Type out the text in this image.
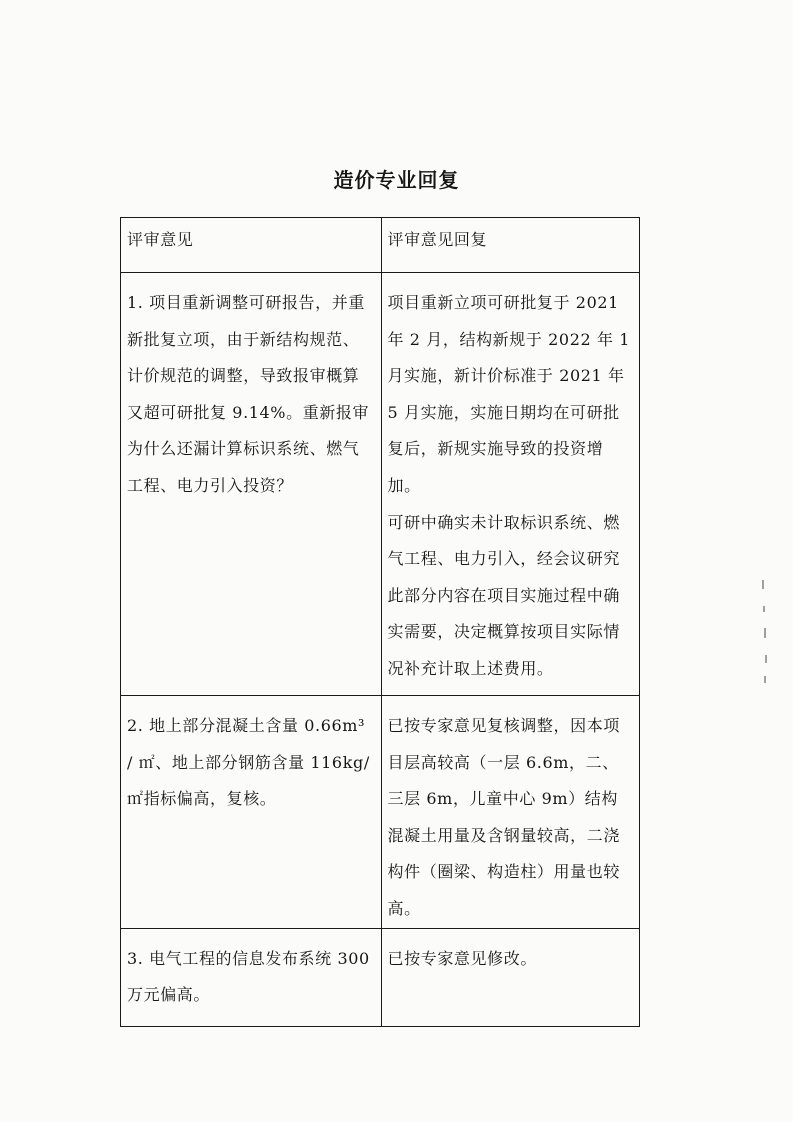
造价专业回复
评审意见	评审意见回复

1. 项目重新调整可研报告，并重新批复立项，由于新结构规范、计价规范的调整，导致报审概算又超可研批复 9.14%。重新报审为什么还漏计算标识系统、燃气工程、电力引入投资？	项目重新立项可研批复于 2021 年 2 月，结构新规于 2022 年 1 月实施，新计价标准于 2021 年 5 月实施，实施日期均在可研批复后，新规实施导致的投资增加。
可研中确实未计取标识系统、燃气工程、电力引入，经会议研究此部分内容在项目实施过程中确实需要，决定概算按项目实际情况补充计取上述费用。

2. 地上部分混凝土含量 0.66m³ / ㎡、地上部分钢筋含量 116kg/㎡指标偏高，复核。	已按专家意见复核调整，因本项目层高较高（一层 6.6m，二、三层 6m，儿童中心 9m）结构混凝土用量及含钢量较高，二浇构件（圈梁、构造柱）用量也较高。

3. 电气工程的信息发布系统 300 万元偏高。	已按专家意见修改。
